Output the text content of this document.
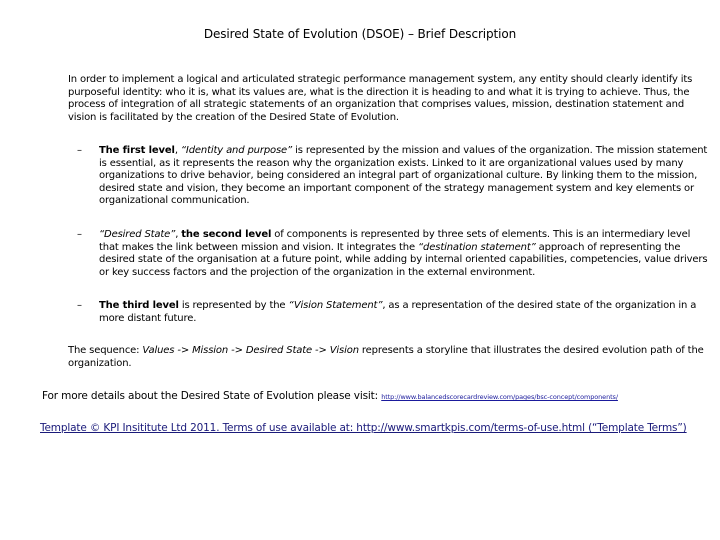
Desired State of Evolution (DSOE) – Brief Description
In order to implement a logical and articulated strategic performance management system, any entity should clearly identify its purposeful identity: who it is, what its values are, what is the direction it is heading to and what it is trying to achieve. Thus, the process of integration of all strategic statements of an organization that comprises values, mission, destination statement and vision is facilitated by the creation of the Desired State of Evolution.
– The first level, “Identity and purpose” is represented by the mission and values of the organization. The mission statement is essential, as it represents the reason why the organization exists. Linked to it are organizational values used by many organizations to drive behavior, being considered an integral part of organizational culture. By linking them to the mission, desired state and vision, they become an important component of the strategy management system and key elements or organizational communication.
– “Desired State”, the second level of components is represented by three sets of elements. This is an intermediary level that makes the link between mission and vision. It integrates the “destination statement” approach of representing the desired state of the organisation at a future point, while adding by internal oriented capabilities, competencies, value drivers or key success factors and the projection of the organization in the external environment.
– The third level is represented by the “Vision Statement”, as a representation of the desired state of the organization in a more distant future.
The sequence: Values -> Mission -> Desired State -> Vision represents a storyline that illustrates the desired evolution path of the organization.
For more details about the Desired State of Evolution please visit: http://www.balancedscorecardreview.com/pages/bsc-concept/components/
Template © KPI Insititute Ltd 2011. Terms of use available at: http://www.smartkpis.com/terms-of-use.html (“Template Terms”)
